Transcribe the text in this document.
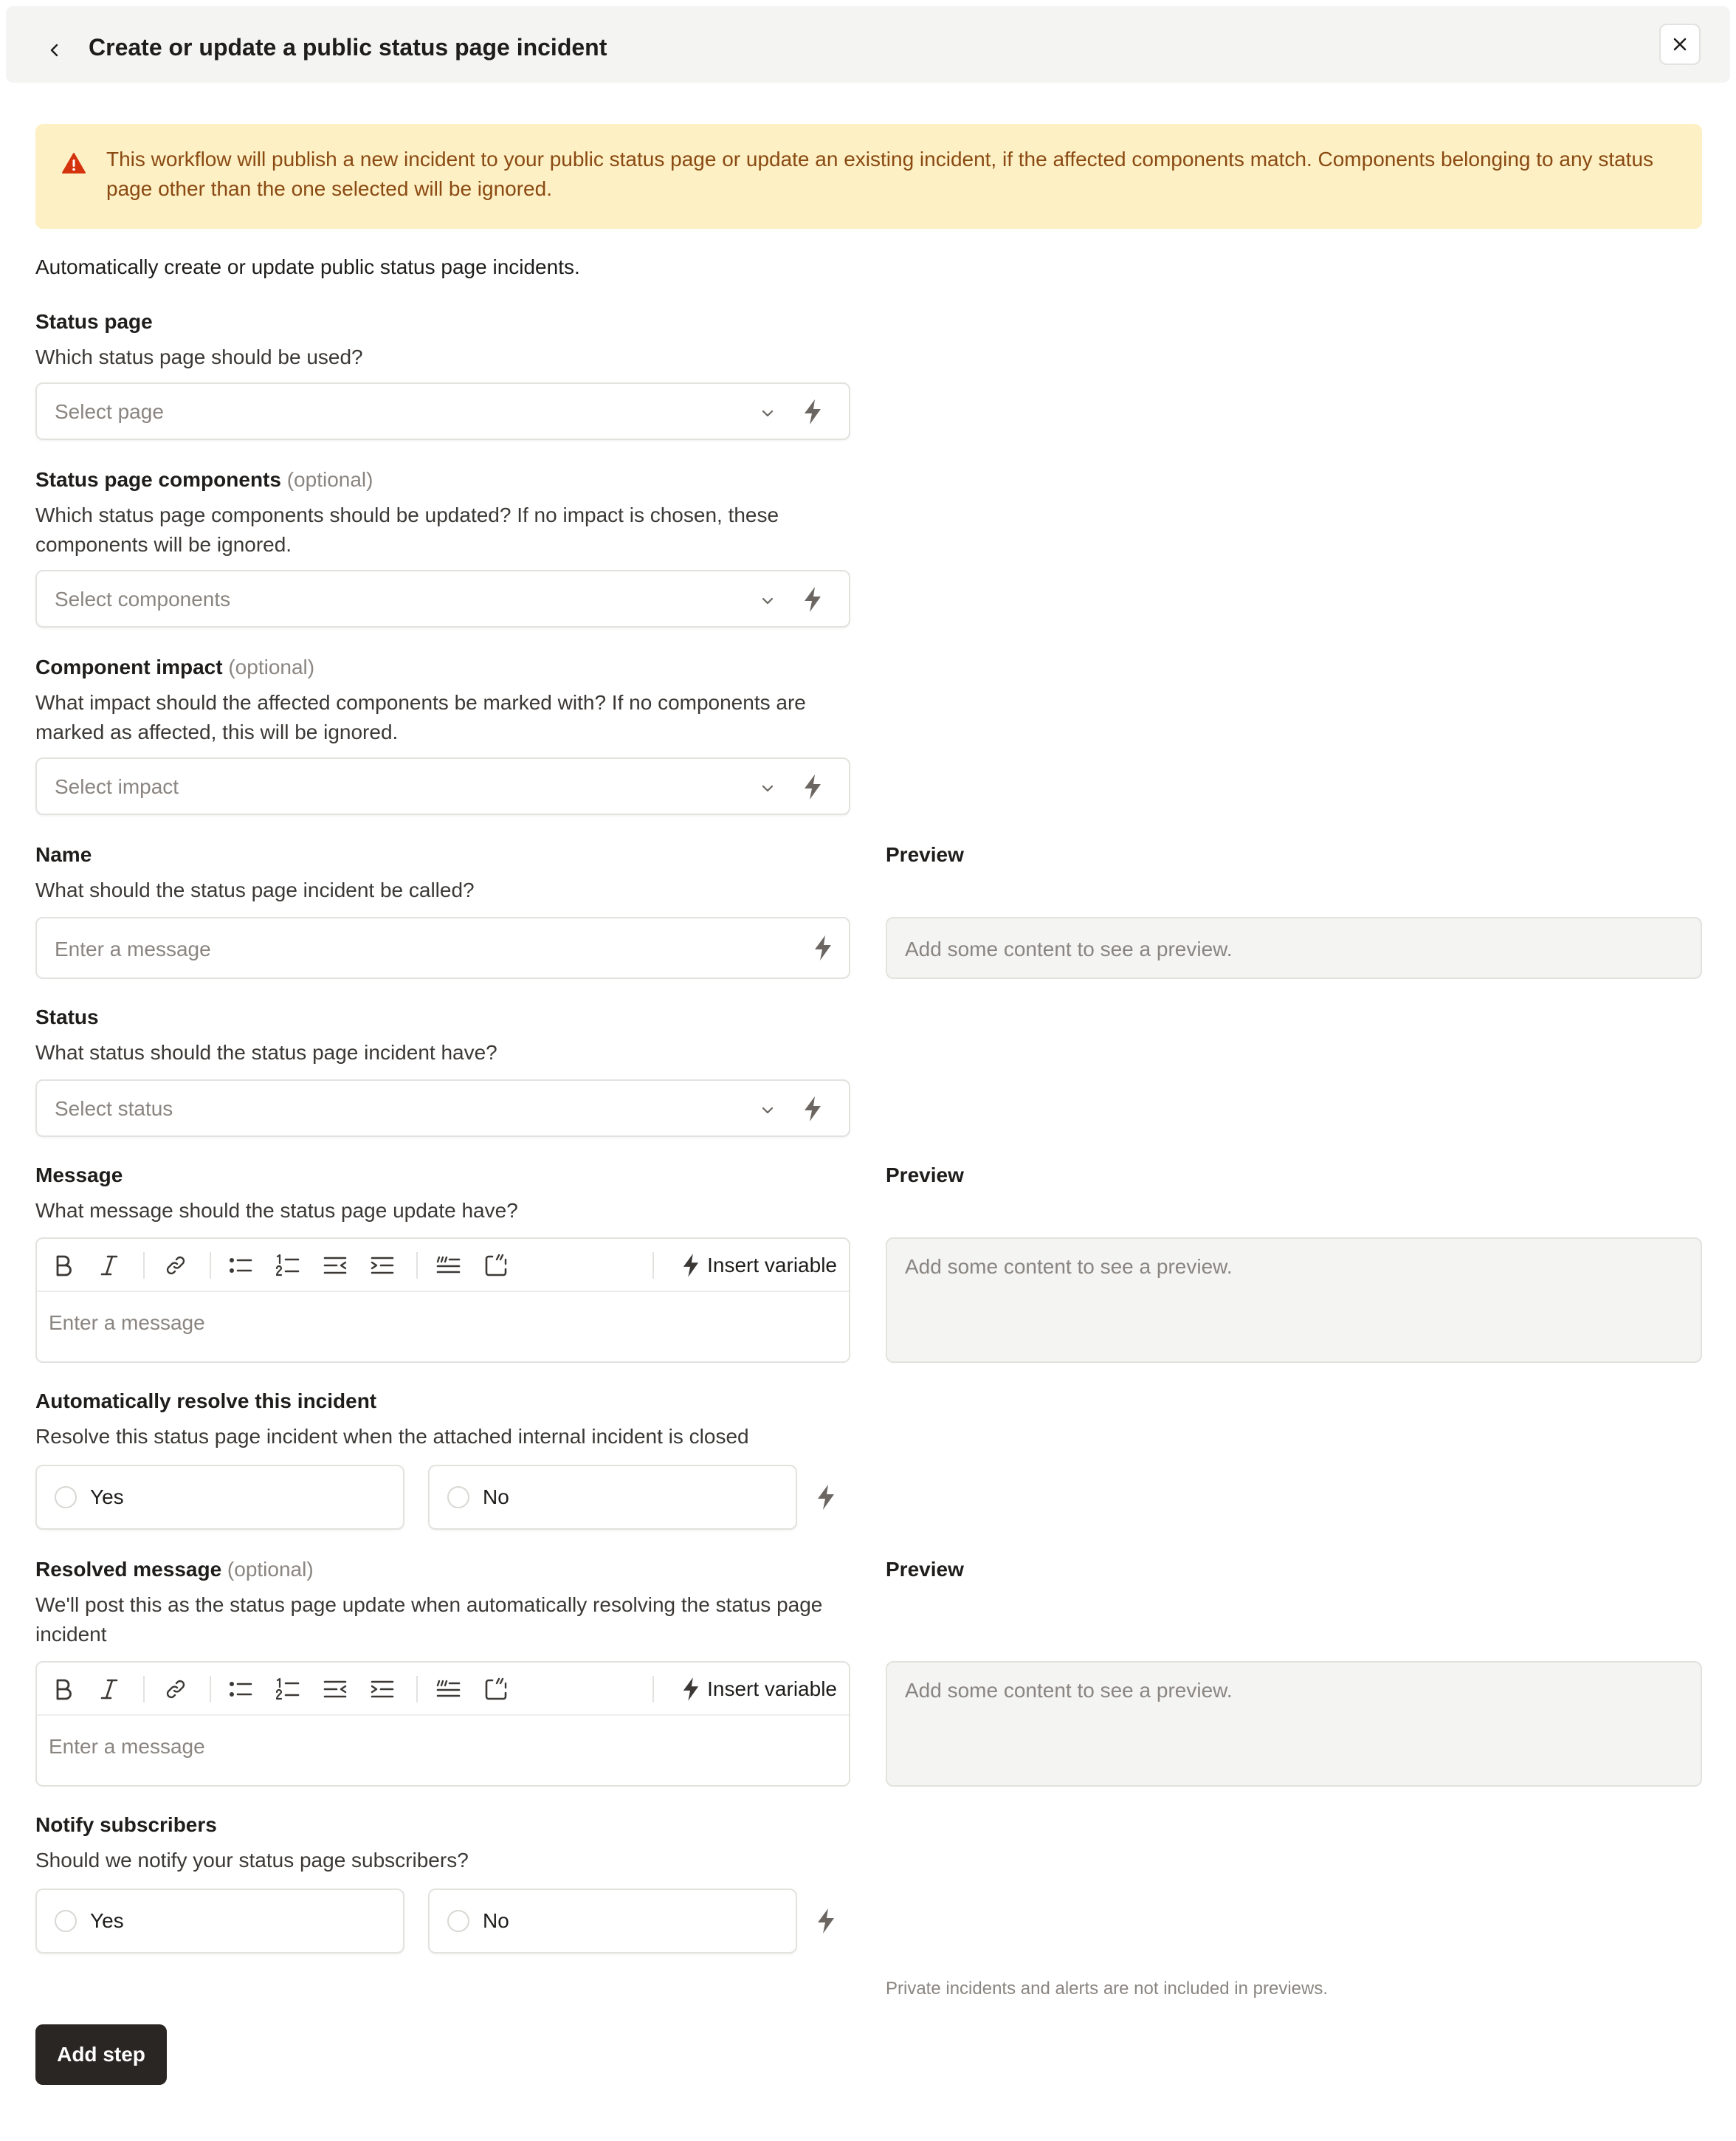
Create or update a public status page incident
This workflow will publish a new incident to your public status page or update an existing incident, if the affected components match. Components belonging to any status page other than the one selected will be ignored.
Automatically create or update public status page incidents.
Status page
Which status page should be used?
Select page
Status page components (optional)
Which status page components should be updated? If no impact is chosen, these components will be ignored.
Select components
Component impact (optional)
What impact should the affected components be marked with? If no components are marked as affected, this will be ignored.
Select impact
Name	Preview
What should the status page incident be called?
Enter a message	Add some content to see a preview.
Status
What status should the status page incident have?
Select status
Message	Preview
What message should the status page update have?
Insert variable
Enter a message
Add some content to see a preview.
Automatically resolve this incident
Resolve this status page incident when the attached internal incident is closed
Yes	No
Resolved message (optional)	Preview
We'll post this as the status page update when automatically resolving the status page incident
Insert variable
Enter a message
Add some content to see a preview.
Notify subscribers
Should we notify your status page subscribers?
Yes	No
Private incidents and alerts are not included in previews.
Add step
